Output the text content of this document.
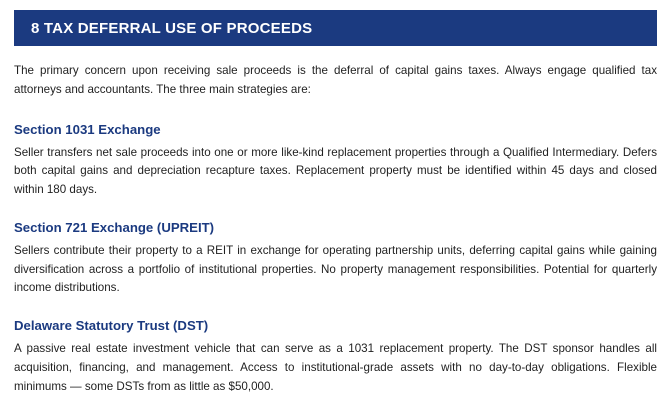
8 TAX DEFERRAL USE OF PROCEEDS

The primary concern upon receiving sale proceeds is the deferral of capital gains taxes. Always engage qualified tax attorneys and accountants. The three main strategies are:

Section 1031 Exchange

Seller transfers net sale proceeds into one or more like-kind replacement properties through a Qualified Intermediary. Defers both capital gains and depreciation recapture taxes. Replacement property must be identified within 45 days and closed within 180 days.

Section 721 Exchange (UPREIT)

Sellers contribute their property to a REIT in exchange for operating partnership units, deferring capital gains while gaining diversification across a portfolio of institutional properties. No property management responsibilities. Potential for quarterly income distributions.

Delaware Statutory Trust (DST)

A passive real estate investment vehicle that can serve as a 1031 replacement property. The DST sponsor handles all acquisition, financing, and management. Access to institutional-grade assets with no day-to-day obligations. Flexible minimums — some DSTs from as little as $50,000.
